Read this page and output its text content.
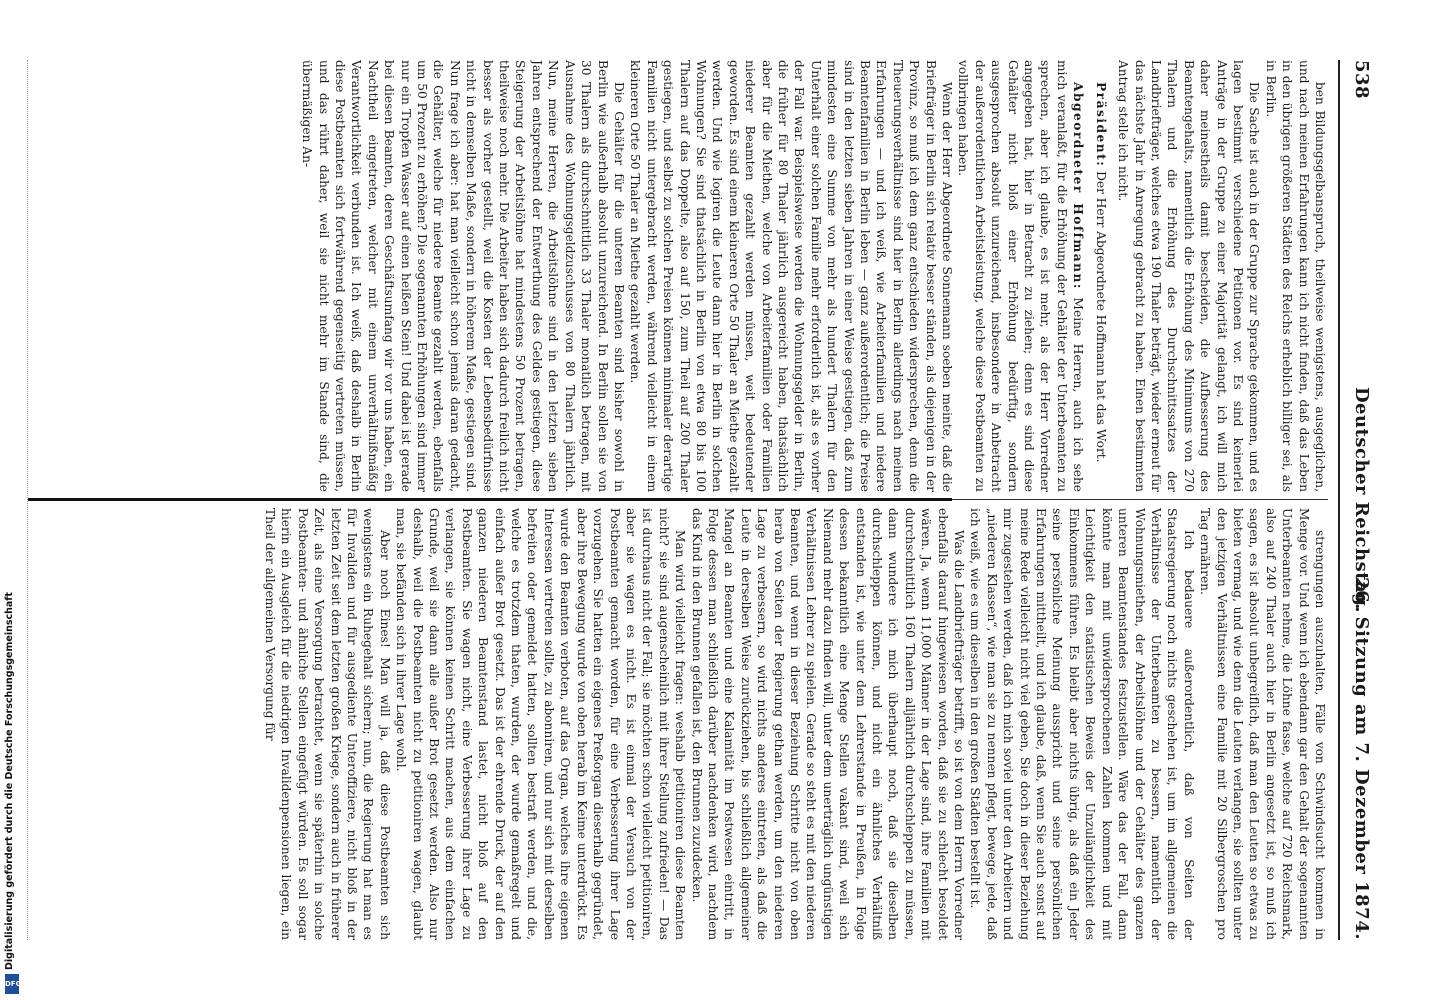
538
Deutscher Reichstag.
26. Sitzung am 7. Dezember 1874.

ben Bildungsgelbanspruch, theilweise wenigstens, ausgeglichen, und nach meinen Erfahrungen kann ich nicht finden, daß das Leben in den übrigen größeren Städten des Reichs erheblich billiger sei, als in Berlin.

Die Sache ist auch in der Gruppe zur Sprache gekommen, und es lagen bestimmt verschiedene Petitionen vor. Es sind keinerlei Anträge in der Gruppe zu einer Majorität gelangt, ich will mich daher meinestheils damit bescheiden, die Aufbesserung des Beamtengehalts, namentlich die Erhöhung des Minimums von 270 Thalern und die Erhöhung des Durchschnittssatzes der Landbriefträger, welches etwa 190 Thaler beträgt, wieder erneut für das nächste Jahr in Anregung gebracht zu haben. Einen bestimmten Antrag stelle ich nicht.

Präsident: Der Herr Abgeordnete Hoffmann hat das Wort.

Abgeordneter Hoffmann: Meine Herren, auch ich sehe mich veranlaßt, für die Erhöhung der Gehälter der Unterbeamten zu sprechen, aber ich glaube, es ist mehr, als der Herr Vorredner angegeben hat, hier in Betracht zu ziehen; denn es sind diese Gehälter nicht bloß einer Erhöhung bedürftig, sondern ausgesprochen absolut unzureichend, insbesondere in Anbetracht der außerordentlichen Arbeitsleistung, welche diese Postbeamten zu vollbringen haben.

Wenn der Herr Abgeordnete Sonnemann soeben meinte, daß die Briefträger in Berlin sich relativ besser ständen, als diejenigen in der Provinz, so muß ich dem ganz entschieden widersprechen, denn die Theuerungsverhältnisse sind hier in Berlin allerdings nach meinen Erfahrungen — und ich weiß, wie Arbeiterfamilien und niedere Beamtenfamilien in Berlin leben — ganz außerordentlich; die Preise sind in den letzten sieben Jahren in einer Weise gestiegen, daß zum mindesten eine Summe von mehr als hundert Thalern für den Unterhalt einer solchen Familie mehr erforderlich ist, als es vorher der Fall war. Beispielsweise werden die Wohnungsgelder in Berlin, die früher für 80 Thaler jährlich ausgereicht haben, thatsächlich aber für die Miethen, welche von Arbeiterfamilien oder Familien niederer Beamten gezahlt werden müssen, weit bedeutender geworden. Es sind einem kleineren Orte 50 Thaler an Miethe gezahlt werden. Und wie logiren die Leute dann hier in Berlin in solchen Wohnungen? Sie sind thatsächlich in Berlin von etwa 80 bis 100 Thalern auf das Doppelte, also auf 150, zum Theil auf 200 Thaler gestiegen, und selbst zu solchen Preisen können minimaler derartige Familien nicht untergebracht werden, während vielleicht in einem kleineren Orte 50 Thaler an Miethe gezahlt werden.

Die Gehälter für die unteren Beamten sind bisher sowohl in Berlin wie außerhalb absolut unzureichend. In Berlin sollen sie von 30 Thalern als durchschnittlich 33 Thaler monatlich betragen, mit Ausnahme des Wohnungsgeldzuschusses von 80 Thalern jährlich. Nun, meine Herren, die Arbeitslöhne sind in den letzten sieben Jahren entsprechend der Entwerthung des Geldes gestiegen, diese Steigerung der Arbeitslöhne hat mindestens 50 Prozent betragen, theilweise noch mehr. Die Arbeiter haben sich dadurch freilich nicht besser als vorher gestellt, weil die Kosten der Lebensbedürfnisse nicht in demselben Maße, sondern in höherem Maße, gestiegen sind. Nun frage ich aber: hat man vielleicht schon jemals daran gedacht, die Gehälter, welche für niedere Beamte gezahlt werden, ebenfalls um 50 Prozent zu erhöhen? Die sogenannten Erhöhungen sind immer nur ein Tropfen Wasser auf einen heißen Stein! Und dabei ist gerade bei diesen Beamten, deren Geschäftsumfang wir vor uns haben, ein Nachtheil eingetreten, welcher mit einem unverhältnißmäßig Verantwortlichkeit verbunden ist. Ich weiß, daß deshalb in Berlin diese Postbeamten sich fortwährend gegenseitig vertreten müssen, und das rührt daher, weil sie nicht mehr im Stande sind, die übermäßigen An-

strengungen auszuhalten, Fälle von Schwindsucht kommen in Menge vor. Und wenn ich ebendann gar den Gehalt der sogenannten Unterbeamten nehme, die Löhne fasse, welche auf 720 Reichsmark, also auf 240 Thaler auch hier in Berlin angesetzt ist, so muß ich sagen, es ist absolut unbegreiflich, daß man den Leuten so etwas zu bieten vermag, und wie denn die Leuten verlangen, sie sollten unter den jetzigen Verhältnissen eine Familie mit 20 Silbergroschen pro Tag ernähren.

Ich bedauere außerordentlich, daß von Seiten der Staatsregierung noch nichts geschehen ist, um im allgemeinen die Verhältnisse der Unterbeamten zu bessern, namentlich der Wohnungsmiethen, der Arbeitslöhne und der Gehälter des ganzen unteren Beamtenstandes festzustellen. Wäre das der Fall, dann könnte man mit unwidersprochenen Zahlen kommen und mit Leichtigkeit den statistischen Beweis der Unzulänglichkeit des Einkommens führen. Es bleibt aber nichts übrig, als daß ein Jeder seine persönliche Meinung ausspricht und seine persönlichen Erfahrungen mittheilt, und ich glaube, daß, wenn Sie auch sonst auf meine Rede vielleicht nicht viel geben, Sie doch in dieser Beziehung mir zugestehen werden, daß ich mich soviel unter den Arbeitern und „niederen Klassen“, wie man sie zu nennen pflegt, bewege, jede, daß ich weiß, wie es um dieselben in den großen Städten bestellt ist.

Was die Landbriefträger betrifft, so ist von dem Herrn Vorredner ebenfalls darauf hingewiesen worden, daß sie zu schlecht besoldet wären. Ja, wenn 11,000 Männer in der Lage sind, ihre Familien mit durchschnittlich 160 Thalern alljährlich durchschleppen zu müssen, dann wundere ich mich überhaupt noch, daß sie dieselben durchschleppen können, und nicht ein ähnliches Verhältniß entstanden ist, wie unter dem Lehrerstande in Preußen, in Folge dessen bekanntlich eine Menge Stellen vakant sind, weil sich Niemand mehr dazu finden will, unter dem unerträglich ungünstigen Verhältnissen Lehrer zu spielen. Gerade so steht es mit den niederen Beamten, und wenn in dieser Beziehung Schritte nicht von oben herab von Seiten der Regierung gethan werden, um den niederen Lage zu verbessern, so wird nichts anderes eintreten, als daß die Leute in derselben Weise zurückziehen, bis schließlich allgemeiner Mangel an Beamten und eine Kalamität im Postwesen eintritt, in Folge dessen man schließlich darüber nachdenken wird, nachdem das Kind in den Brunnen gefallen ist, den Brunnen zuzudecken.

Man wird vielleicht fragen: weshalb petitioniren diese Beamten nicht? sie sind augenscheinlich mit ihrer Stellung zufrieden! — Das ist durchaus nicht der Fall; sie möchten schon vielleicht petitioniren, aber sie wagen es nicht. Es ist einmal der Versuch von der Postbeamten gemacht worden, für eine Verbesserung ihrer Lage vorzugehen. Sie hatten ein eigenes Preßorgan dieserhalb gegründet, aber ihre Bewegung wurde von oben herab im Keime unterdrückt. Es wurde den Beamten verboten, auf das Organ, welches ihre eigenen Interessen vertreten sollte, zu abonniren, und nur sich mit derselben befreiten oder gemeldet hatten, sollten bestraft werden, und die, welche es trotzdem thaten, wurden, der wurde gemaßregelt und einfach außer Brot gesetzt. Das ist der ehrende Druck, der auf den ganzen niederen Beamtenstand lastet, nicht bloß auf den Postbeamten. Sie wagen nicht, eine Verbesserung ihrer Lage zu verlangen, sie können keinen Schritt machen, aus dem einfachen Grunde, weil sie dann alle außer Brot gesetzt werden. Also nur deshalb, weil die Postbeamten nicht zu petitioniren wagen, glaubt man, sie befänden sich in ihrer Lage wohl.

Aber noch Eines! Man will ja, daß diese Postbeamten sich wenigstens ein Ruhegehalt sichern; nun, die Regierung hat man es für Invaliden und für ausgediente Unteroffiziere, nicht bloß in der letzten Zeit seit dem letzten großen Kriege, sondern auch in früherer Zeit, als eine Versorgung betrachtet, wenn sie späterhin in solche Postbeamten- und ähnliche Stellen eingefügt würden. Es soll sogar hierin ein Ausgleich für die niedrigen Invalidenpensionen liegen, ein Theil der allgemeinen Versorgung für

Digitalisierung gefördert durch die Deutsche Forschungsgemeinschaft
DFG
